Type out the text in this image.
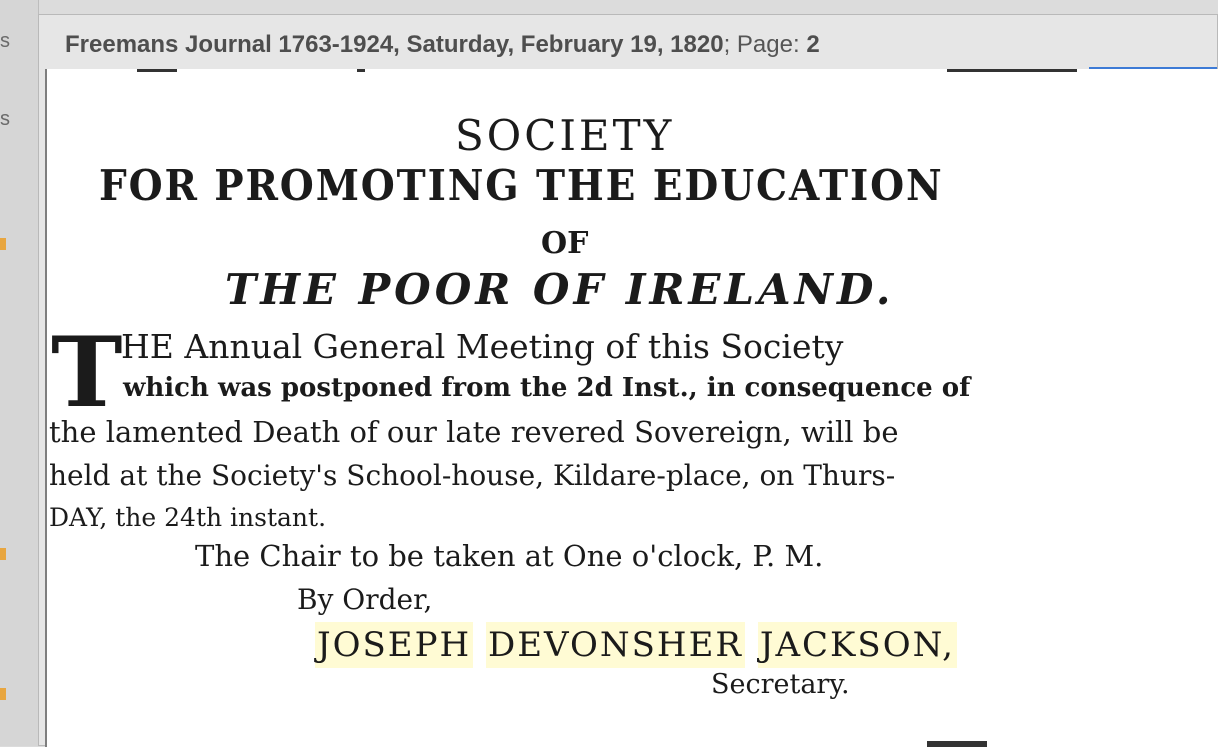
s
s
Freemans Journal 1763-1924, Saturday, February 19, 1820; Page: 2
SOCIETY
FOR PROMOTING THE EDUCATION
OF
THE POOR OF IRELAND.
T
HE Annual General Meeting of this Society
which was postponed from the 2d Inst., in consequence of
the lamented Death of our late revered Sovereign, will be
held at the Society's School-house, Kildare-place, on Thurs-
DAY, the 24th instant.
The Chair to be taken at One o'clock, P. M.
By Order,
JOSEPH DEVONSHER JACKSON,
Secretary.
